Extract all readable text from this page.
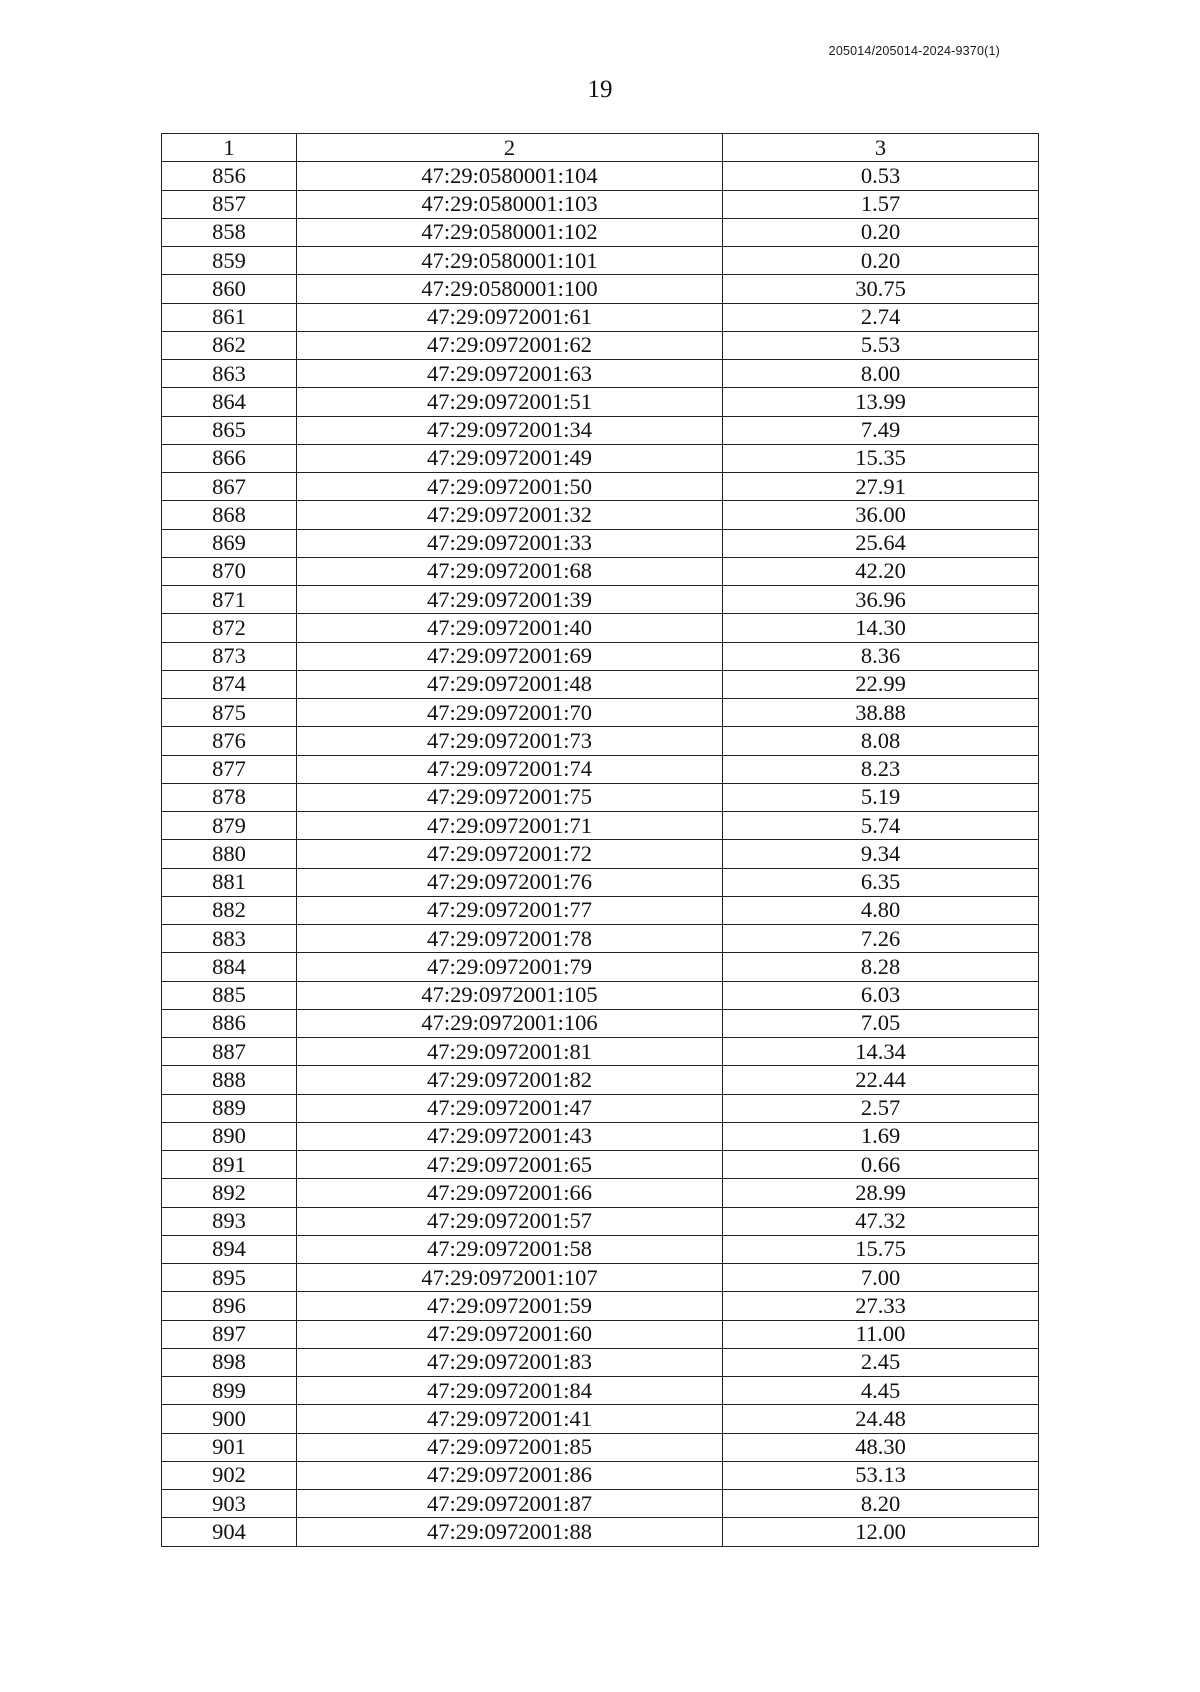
205014/205014-2024-9370(1)
19
1	2	3
856	47:29:0580001:104	0.53
857	47:29:0580001:103	1.57
858	47:29:0580001:102	0.20
859	47:29:0580001:101	0.20
860	47:29:0580001:100	30.75
861	47:29:0972001:61	2.74
862	47:29:0972001:62	5.53
863	47:29:0972001:63	8.00
864	47:29:0972001:51	13.99
865	47:29:0972001:34	7.49
866	47:29:0972001:49	15.35
867	47:29:0972001:50	27.91
868	47:29:0972001:32	36.00
869	47:29:0972001:33	25.64
870	47:29:0972001:68	42.20
871	47:29:0972001:39	36.96
872	47:29:0972001:40	14.30
873	47:29:0972001:69	8.36
874	47:29:0972001:48	22.99
875	47:29:0972001:70	38.88
876	47:29:0972001:73	8.08
877	47:29:0972001:74	8.23
878	47:29:0972001:75	5.19
879	47:29:0972001:71	5.74
880	47:29:0972001:72	9.34
881	47:29:0972001:76	6.35
882	47:29:0972001:77	4.80
883	47:29:0972001:78	7.26
884	47:29:0972001:79	8.28
885	47:29:0972001:105	6.03
886	47:29:0972001:106	7.05
887	47:29:0972001:81	14.34
888	47:29:0972001:82	22.44
889	47:29:0972001:47	2.57
890	47:29:0972001:43	1.69
891	47:29:0972001:65	0.66
892	47:29:0972001:66	28.99
893	47:29:0972001:57	47.32
894	47:29:0972001:58	15.75
895	47:29:0972001:107	7.00
896	47:29:0972001:59	27.33
897	47:29:0972001:60	11.00
898	47:29:0972001:83	2.45
899	47:29:0972001:84	4.45
900	47:29:0972001:41	24.48
901	47:29:0972001:85	48.30
902	47:29:0972001:86	53.13
903	47:29:0972001:87	8.20
904	47:29:0972001:88	12.00
